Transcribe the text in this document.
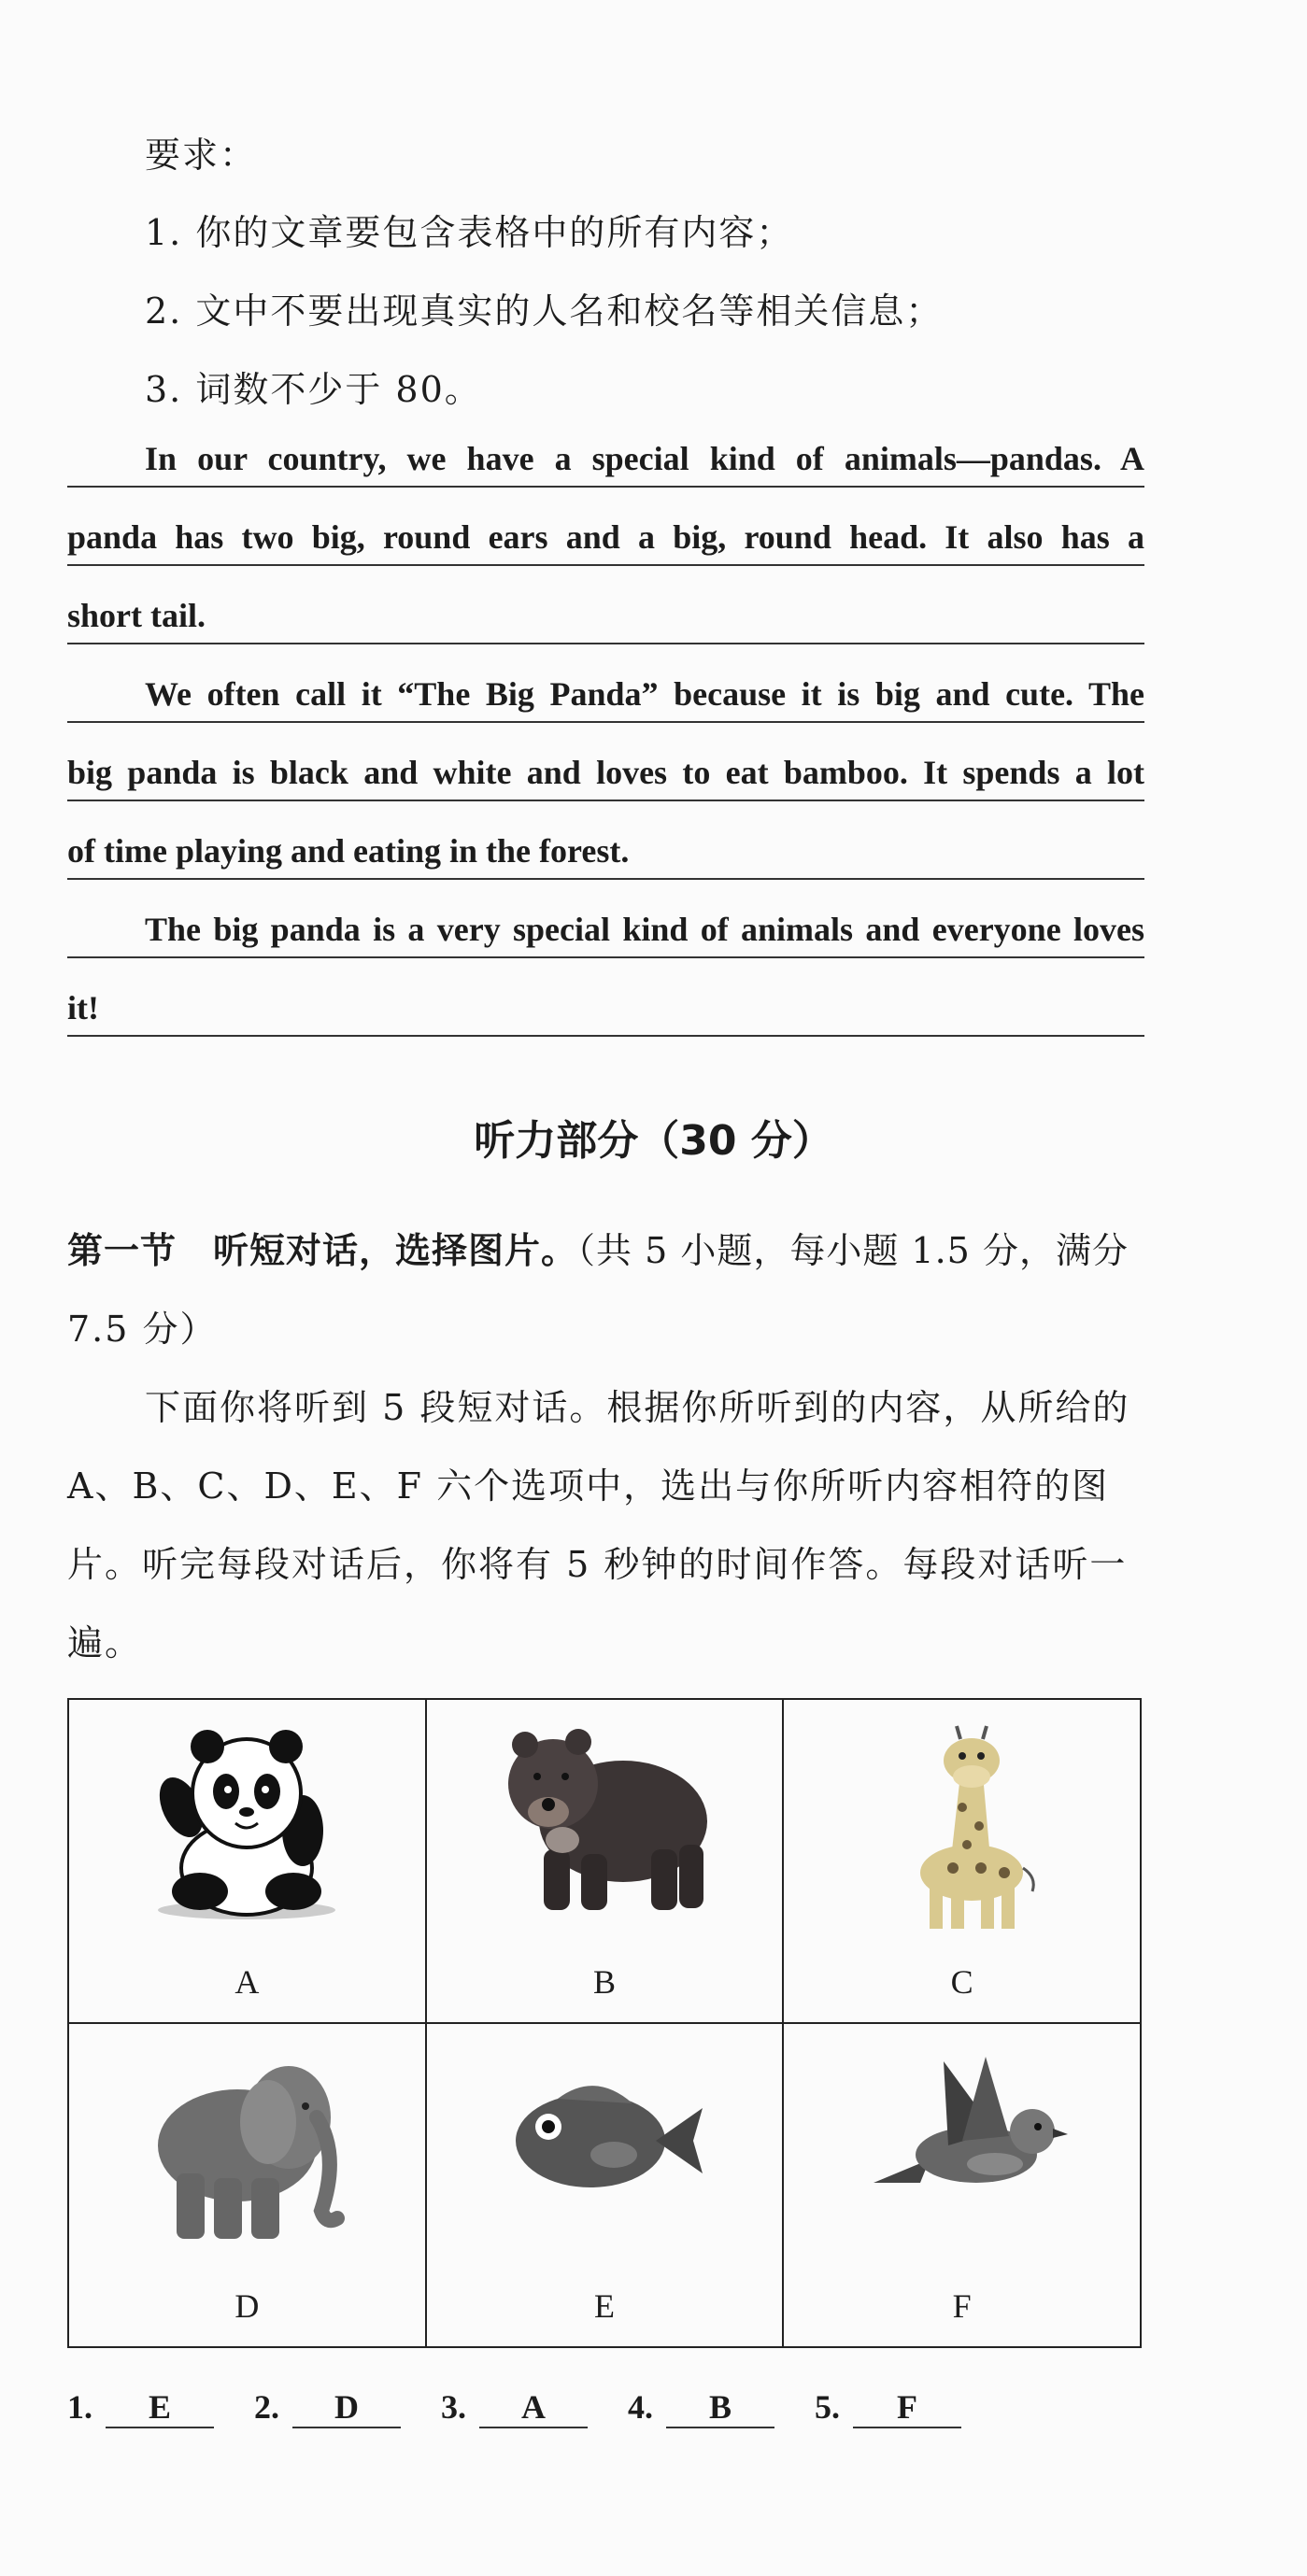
要求：
1. 你的文章要包含表格中的所有内容；
2. 文中不要出现真实的人名和校名等相关信息；
3. 词数不少于 80。
In our country, we have a special kind of animals—pandas. A
panda has two big, round ears and a big, round head. It also has a
short tail.
We often call it “The Big Panda” because it is big and cute. The
big panda is black and white and loves to eat bamboo. It spends a lot
of time playing and eating in the forest.
The big panda is a very special kind of animals and everyone loves
it!
听力部分（30 分）
第一节　听短对话，选择图片。（共 5 小题，每小题 1.5 分，满分
7.5 分）
下面你将听到 5 段短对话。根据你所听到的内容，从所给的
A、B、C、D、E、F 六个选项中，选出与你所听内容相符的图
片。听完每段对话后，你将有 5 秒钟的时间作答。每段对话听一
遍。
A	B	C

D	E	F
1.	E	2.	D	3.	A	4.	B	5.	F
